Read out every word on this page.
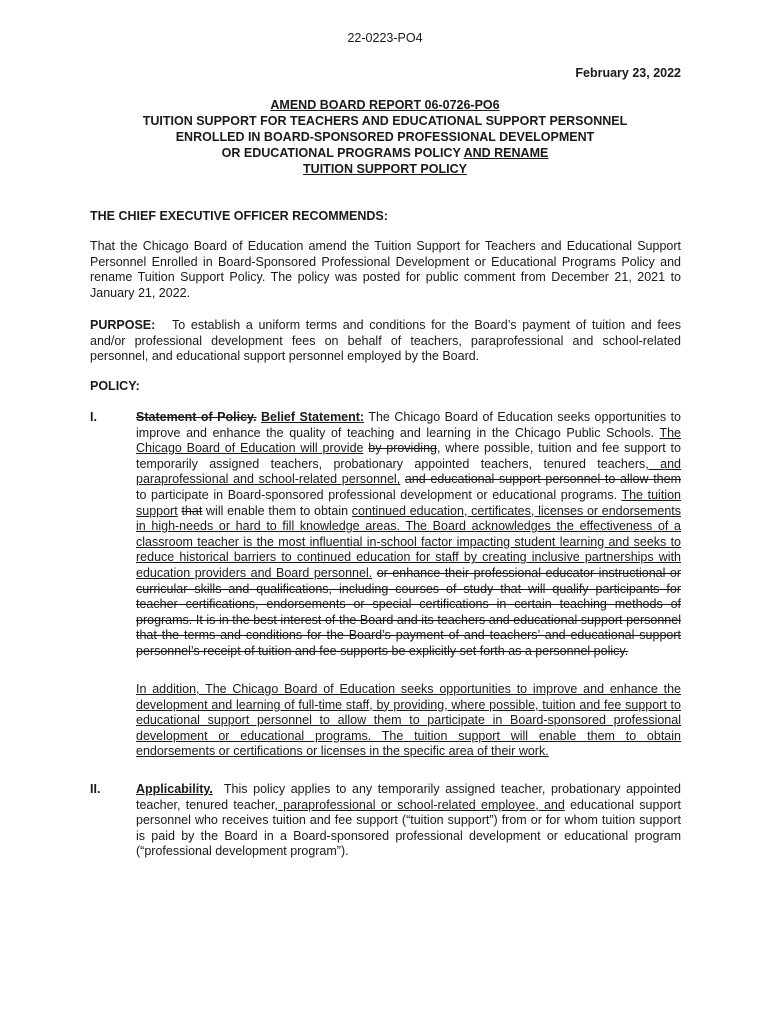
22-0223-PO4
February 23, 2022
AMEND BOARD REPORT 06-0726-PO6
TUITION SUPPORT FOR TEACHERS AND EDUCATIONAL SUPPORT PERSONNEL
ENROLLED IN BOARD-SPONSORED PROFESSIONAL DEVELOPMENT
OR EDUCATIONAL PROGRAMS POLICY AND RENAME
TUITION SUPPORT POLICY
THE CHIEF EXECUTIVE OFFICER RECOMMENDS:
That the Chicago Board of Education amend the Tuition Support for Teachers and Educational Support Personnel Enrolled in Board-Sponsored Professional Development or Educational Programs Policy and rename Tuition Support Policy. The policy was posted for public comment from December 21, 2021 to January 21, 2022.
PURPOSE: To establish a uniform terms and conditions for the Board’s payment of tuition and fees and/or professional development fees on behalf of teachers, paraprofessional and school-related personnel, and educational support personnel employed by the Board.
POLICY:
I.	Statement of Policy. Belief Statement: The Chicago Board of Education seeks opportunities to improve and enhance the quality of teaching and learning in the Chicago Public Schools. The Chicago Board of Education will provide by providing, where possible, tuition and fee support to temporarily assigned teachers, probationary appointed teachers, tenured teachers, and paraprofessional and school-related personnel, and educational support personnel to allow them to participate in Board-sponsored professional development or educational programs. The tuition support that will enable them to obtain continued education, certificates, licenses or endorsements in high-needs or hard to fill knowledge areas. The Board acknowledges the effectiveness of a classroom teacher is the most influential in-school factor impacting student learning and seeks to reduce historical barriers to continued education for staff by creating inclusive partnerships with education providers and Board personnel. or enhance their professional educator instructional or curricular skills and qualifications, including courses of study that will qualify participants for teacher certifications, endorsements or special certifications in certain teaching methods of programs. It is in the best interest of the Board and its teachers and educational support personnel that the terms and conditions for the Board’s payment of and teachers’ and educational support personnel’s receipt of tuition and fee supports be explicitly set forth as a personnel policy.
In addition, The Chicago Board of Education seeks opportunities to improve and enhance the development and learning of full-time staff, by providing, where possible, tuition and fee support to educational support personnel to allow them to participate in Board-sponsored professional development or educational programs. The tuition support will enable them to obtain endorsements or certifications or licenses in the specific area of their work.
II.	Applicability.  This policy applies to any temporarily assigned teacher, probationary appointed teacher, tenured teacher, paraprofessional or school-related employee, and educational support personnel who receives tuition and fee support (“tuition support”) from or for whom tuition support is paid by the Board in a Board-sponsored professional development or educational program (“professional development program”).
